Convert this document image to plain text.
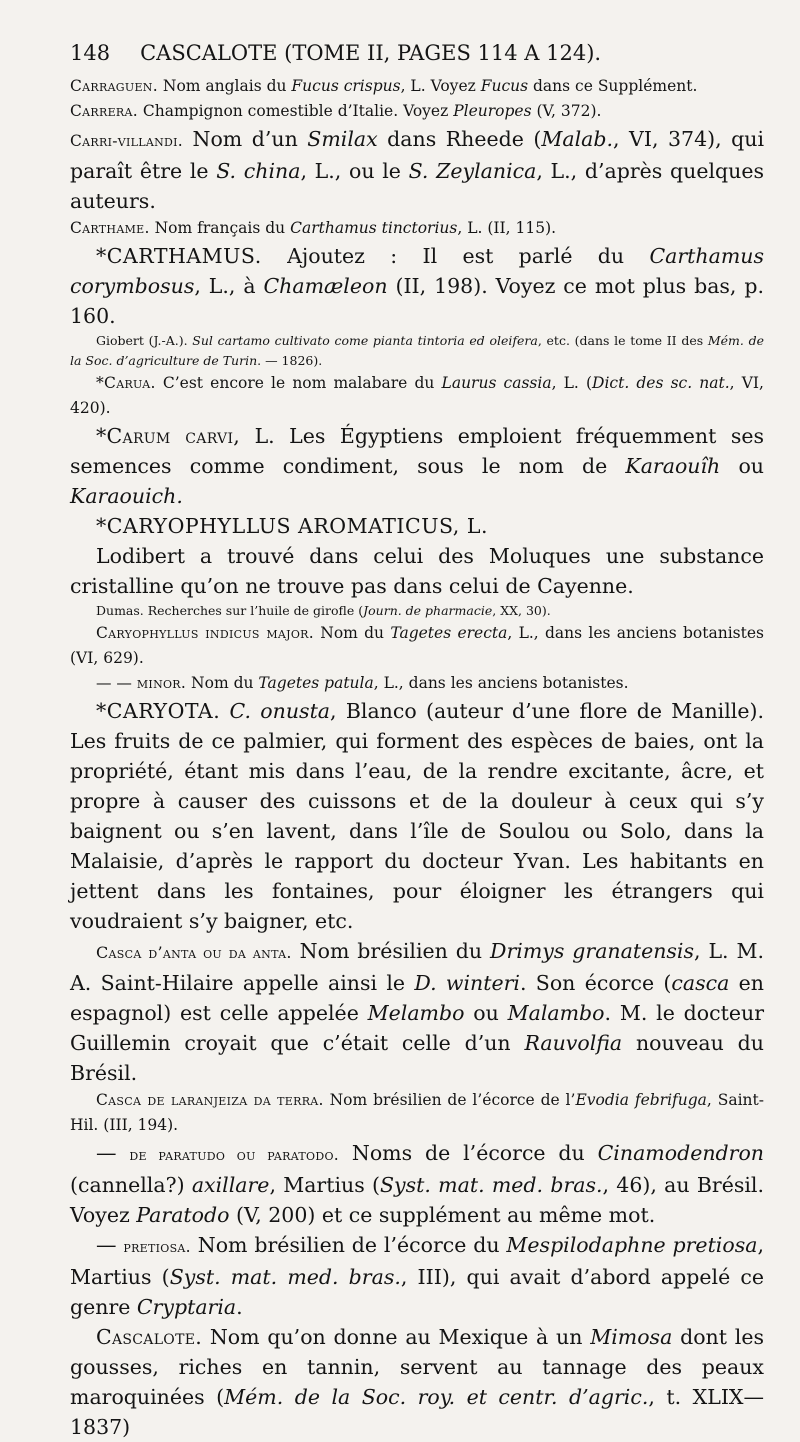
148 CASCALOTE (TOME II, PAGES 114 A 124).

Carraguen. Nom anglais du Fucus crispus, L. Voyez Fucus dans ce Supplément.

Carrera. Champignon comestible d’Italie. Voyez Pleuropes (V, 372).

Carri-villandi. Nom d’un Smilax dans Rheede (Malab., VI, 374), qui paraît être le S. china, L., ou le S. Zeylanica, L., d’après quelques auteurs.

Carthame. Nom français du Carthamus tinctorius, L. (II, 115).

*CARTHAMUS. Ajoutez : Il est parlé du Carthamus corymbosus, L., à Chamæleon (II, 198). Voyez ce mot plus bas, p. 160.

Giobert (J.-A.). Sul cartamo cultivato come pianta tintoria ed oleifera, etc. (dans le tome II des Mém. de la Soc. d’agriculture de Turin. — 1826).

*Carua. C’est encore le nom malabare du Laurus cassia, L. (Dict. des sc. nat., VI, 420).

*Carum carvi, L. Les Égyptiens emploient fréquemment ses semences comme condiment, sous le nom de Karaouîh ou Karaouich.

*CARYOPHYLLUS AROMATICUS, L.

Lodibert a trouvé dans celui des Moluques une substance cristalline qu’on ne trouve pas dans celui de Cayenne.

Dumas. Recherches sur l’huile de girofle (Journ. de pharmacie, XX, 30).

Caryophyllus indicus major. Nom du Tagetes erecta, L., dans les anciens botanistes (VI, 629).

— — minor. Nom du Tagetes patula, L., dans les anciens botanistes.

*CARYOTA. C. onusta, Blanco (auteur d’une flore de Manille). Les fruits de ce palmier, qui forment des espèces de baies, ont la propriété, étant mis dans l’eau, de la rendre excitante, âcre, et propre à causer des cuissons et de la douleur à ceux qui s’y baignent ou s’en lavent, dans l’île de Soulou ou Solo, dans la Malaisie, d’après le rapport du docteur Yvan. Les habitants en jettent dans les fontaines, pour éloigner les étrangers qui voudraient s’y baigner, etc.

Casca d’anta ou da anta. Nom brésilien du Drimys granatensis, L. M. A. Saint-Hilaire appelle ainsi le D. winteri. Son écorce (casca en espagnol) est celle appelée Melambo ou Malambo. M. le docteur Guillemin croyait que c’était celle d’un Rauvolfia nouveau du Brésil.

Casca de laranjeiza da terra. Nom brésilien de l’écorce de l’Evodia febrifuga, Saint-Hil. (III, 194).

— de paratudo ou paratodo. Noms de l’écorce du Cinamodendron (cannella?) axillare, Martius (Syst. mat. med. bras., 46), au Brésil. Voyez Paratodo (V, 200) et ce supplément au même mot.

— pretiosa. Nom brésilien de l’écorce du Mespilodaphne pretiosa, Martius (Syst. mat. med. bras., III), qui avait d’abord appelé ce genre Cryptaria.

Cascalote. Nom qu’on donne au Mexique à un Mimosa dont les gousses, riches en tannin, servent au tannage des peaux maroquinées (Mém. de la Soc. roy. et centr. d’agric., t. XLIX—1837)
